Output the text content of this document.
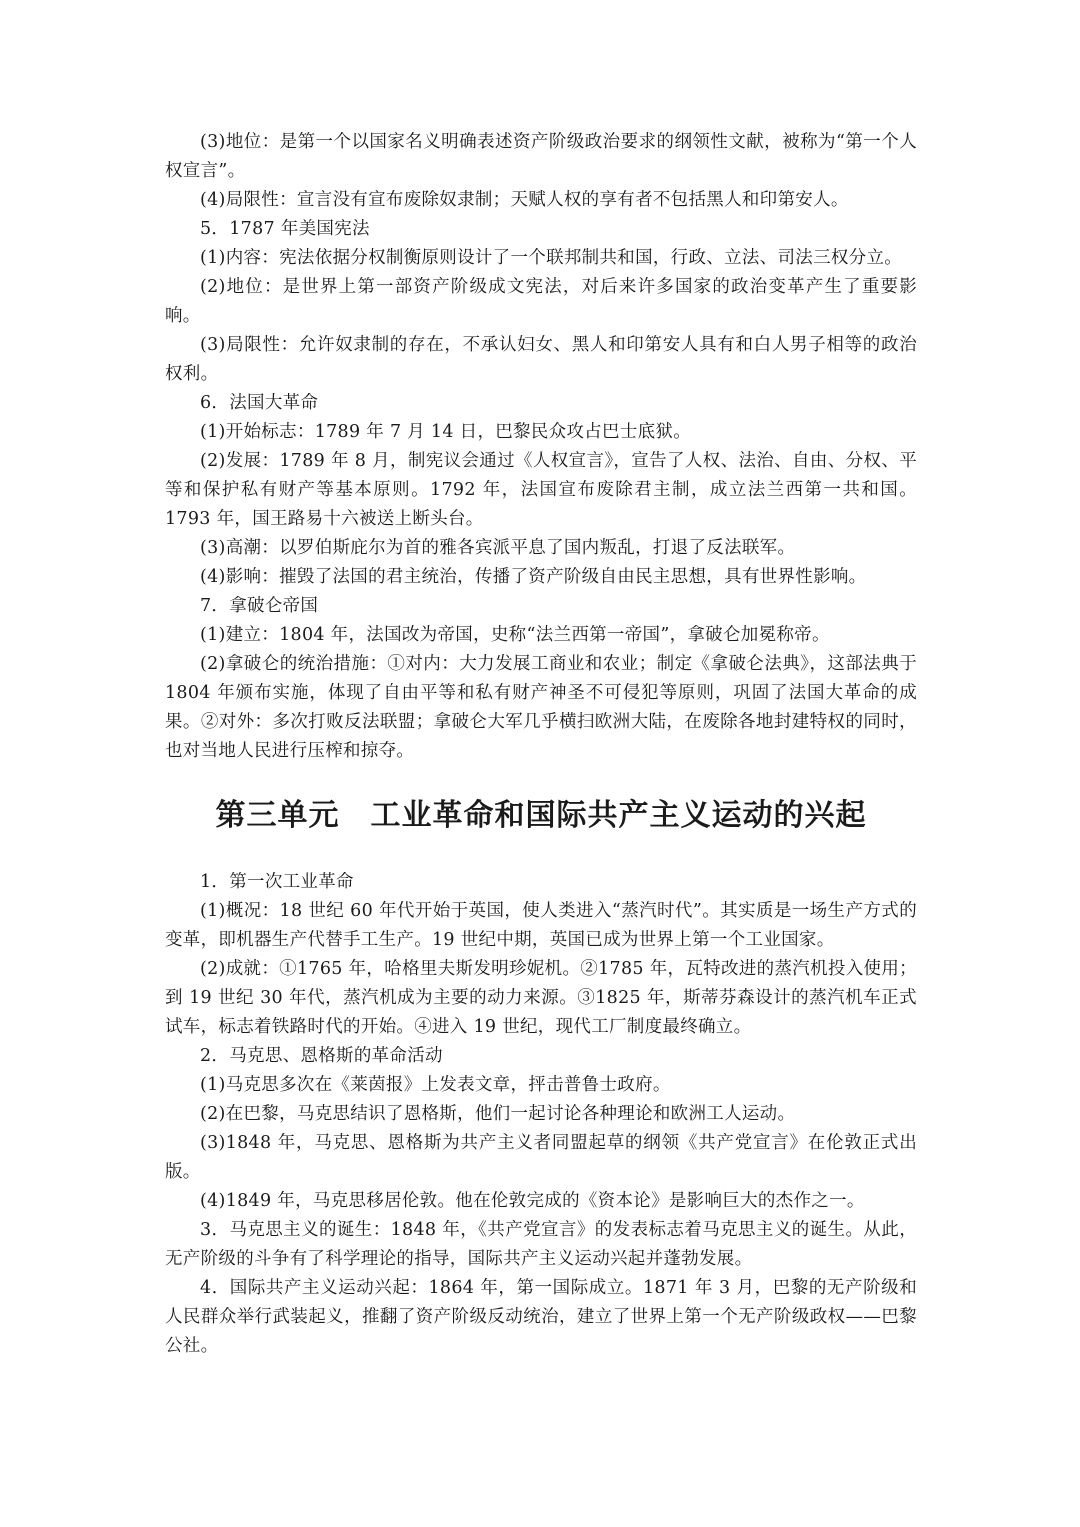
(3)地位：是第一个以国家名义明确表述资产阶级政治要求的纲领性文献，被称为“第一个人权宣言”。

(4)局限性：宣言没有宣布废除奴隶制；天赋人权的享有者不包括黑人和印第安人。

5．1787 年美国宪法

(1)内容：宪法依据分权制衡原则设计了一个联邦制共和国，行政、立法、司法三权分立。

(2)地位：是世界上第一部资产阶级成文宪法，对后来许多国家的政治变革产生了重要影响。

(3)局限性：允许奴隶制的存在，不承认妇女、黑人和印第安人具有和白人男子相等的政治权利。

6．法国大革命

(1)开始标志：1789 年 7 月 14 日，巴黎民众攻占巴士底狱。

(2)发展：1789 年 8 月，制宪议会通过《人权宣言》，宣告了人权、法治、自由、分权、平等和保护私有财产等基本原则。1792 年，法国宣布废除君主制，成立法兰西第一共和国。1793 年，国王路易十六被送上断头台。

(3)高潮：以罗伯斯庇尔为首的雅各宾派平息了国内叛乱，打退了反法联军。

(4)影响：摧毁了法国的君主统治，传播了资产阶级自由民主思想，具有世界性影响。

7．拿破仑帝国

(1)建立：1804 年，法国改为帝国，史称“法兰西第一帝国”，拿破仑加冕称帝。

(2)拿破仑的统治措施：①对内：大力发展工商业和农业；制定《拿破仑法典》，这部法典于 1804 年颁布实施，体现了自由平等和私有财产神圣不可侵犯等原则，巩固了法国大革命的成果。②对外：多次打败反法联盟；拿破仑大军几乎横扫欧洲大陆，在废除各地封建特权的同时，也对当地人民进行压榨和掠夺。

第三单元　工业革命和国际共产主义运动的兴起

1．第一次工业革命

(1)概况：18 世纪 60 年代开始于英国，使人类进入“蒸汽时代”。其实质是一场生产方式的变革，即机器生产代替手工生产。19 世纪中期，英国已成为世界上第一个工业国家。

(2)成就：①1765 年，哈格里夫斯发明珍妮机。②1785 年，瓦特改进的蒸汽机投入使用；到 19 世纪 30 年代，蒸汽机成为主要的动力来源。③1825 年，斯蒂芬森设计的蒸汽机车正式试车，标志着铁路时代的开始。④进入 19 世纪，现代工厂制度最终确立。

2．马克思、恩格斯的革命活动

(1)马克思多次在《莱茵报》上发表文章，抨击普鲁士政府。

(2)在巴黎，马克思结识了恩格斯，他们一起讨论各种理论和欧洲工人运动。

(3)1848 年，马克思、恩格斯为共产主义者同盟起草的纲领《共产党宣言》在伦敦正式出版。

(4)1849 年，马克思移居伦敦。他在伦敦完成的《资本论》是影响巨大的杰作之一。

3．马克思主义的诞生：1848 年，《共产党宣言》的发表标志着马克思主义的诞生。从此，无产阶级的斗争有了科学理论的指导，国际共产主义运动兴起并蓬勃发展。

4．国际共产主义运动兴起：1864 年，第一国际成立。1871 年 3 月，巴黎的无产阶级和人民群众举行武装起义，推翻了资产阶级反动统治，建立了世界上第一个无产阶级政权——巴黎公社。
